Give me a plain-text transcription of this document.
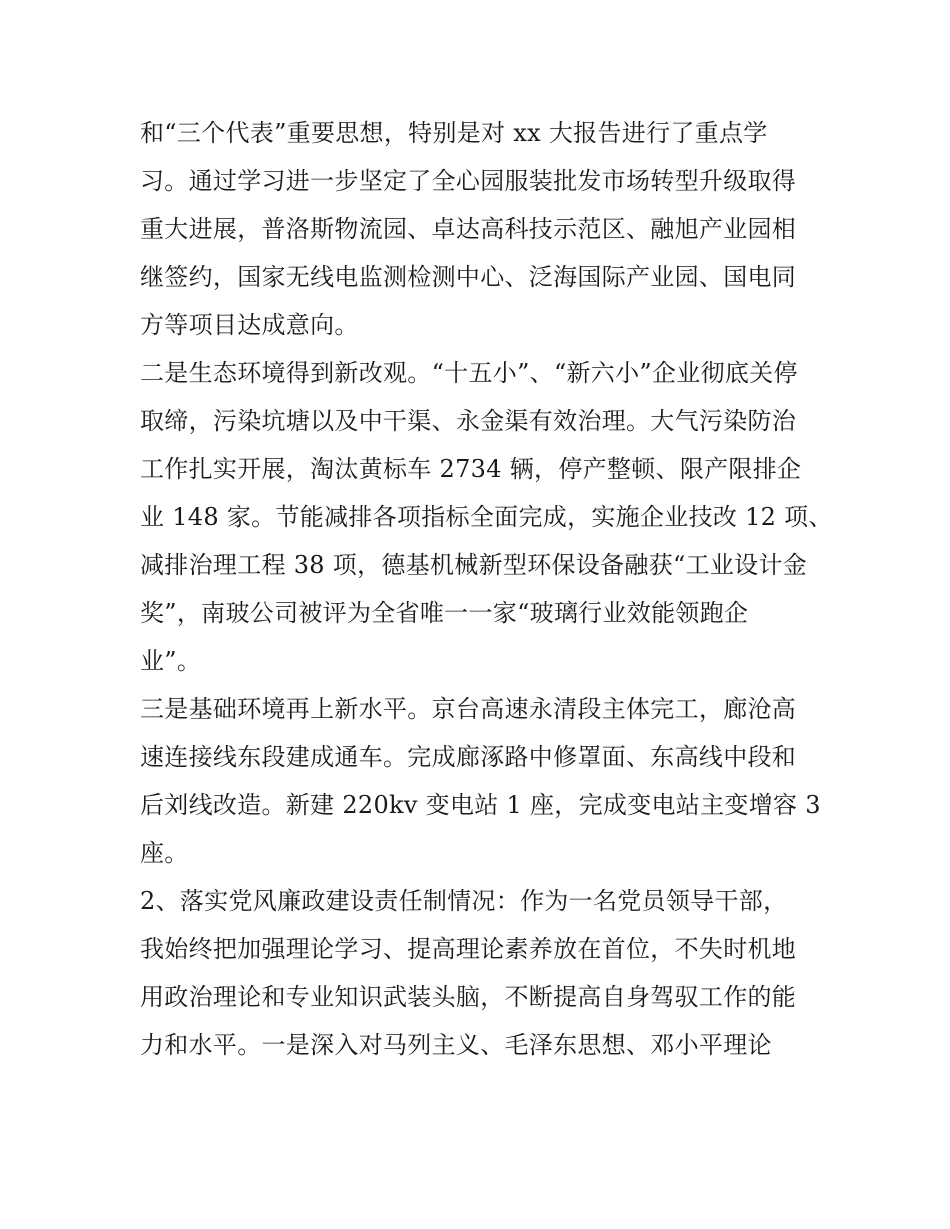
和“三个代表”重要思想，特别是对 xx 大报告进行了重点学
习。通过学习进一步坚定了全心园服装批发市场转型升级取得
重大进展，普洛斯物流园、卓达高科技示范区、融旭产业园相
继签约，国家无线电监测检测中心、泛海国际产业园、国电同
方等项目达成意向。
二是生态环境得到新改观。“十五小”、“新六小”企业彻底关停
取缔，污染坑塘以及中干渠、永金渠有效治理。大气污染防治
工作扎实开展，淘汰黄标车 2734 辆，停产整顿、限产限排企
业 148 家。节能减排各项指标全面完成，实施企业技改 12 项、
减排治理工程 38 项，德基机械新型环保设备融获“工业设计金
奖”，南玻公司被评为全省唯一一家“玻璃行业效能领跑企
业”。
三是基础环境再上新水平。京台高速永清段主体完工，廊沧高
速连接线东段建成通车。完成廊涿路中修罩面、东高线中段和
后刘线改造。新建 220kv 变电站 1 座，完成变电站主变增容 3
座。
2、落实党风廉政建设责任制情况：作为一名党员领导干部，
我始终把加强理论学习、提高理论素养放在首位，不失时机地
用政治理论和专业知识武装头脑，不断提高自身驾驭工作的能
力和水平。一是深入对马列主义、毛泽东思想、邓小平理论
